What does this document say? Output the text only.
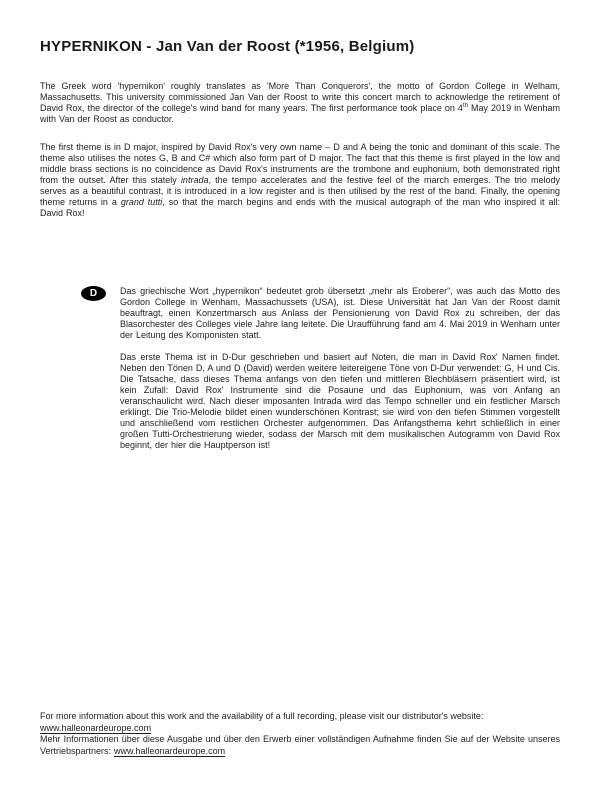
HYPERNIKON - Jan Van der Roost (*1956, Belgium)

The Greek word 'hypernikon' roughly translates as 'More Than Conquerors', the motto of Gordon College in Welham, Massachusetts. This university commissioned Jan Van der Roost to write this concert march to acknowledge the retirement of David Rox, the director of the college's wind band for many years. The first performance took place on 4th May 2019 in Wenham with Van der Roost as conductor.

The first theme is in D major, inspired by David Rox's very own name – D and A being the tonic and dominant of this scale. The theme also utilises the notes G, B and C# which also form part of D major. The fact that this theme is first played in the low and middle brass sections is no coincidence as David Rox's instruments are the trombone and euphonium, both demonstrated right from the outset. After this stately intrada, the tempo accelerates and the festive feel of the march emerges. The trio melody serves as a beautiful contrast, it is introduced in a low register and is then utilised by the rest of the band. Finally, the opening theme returns in a grand tutti, so that the march begins and ends with the musical autograph of the man who inspired it all: David Rox!

D	Das griechische Wort „hypernikon“ bedeutet grob übersetzt „mehr als Eroberer“, was auch das Motto des Gordon College in Wenham, Massachussets (USA), ist. Diese Universität hat Jan Van der Roost damit beauftragt, einen Konzertmarsch aus Anlass der Pensionierung von David Rox zu schreiben, der das Blasorchester des Colleges viele Jahre lang leitete. Die Uraufführung fand am 4. Mai 2019 in Wenham unter der Leitung des Komponisten statt.

Das erste Thema ist in D-Dur geschrieben und basiert auf Noten, die man in David Rox' Namen findet. Neben den Tönen D, A und D (David) werden weitere leitereigene Töne von D-Dur verwendet: G, H und Cis. Die Tatsache, dass dieses Thema anfangs von den tiefen und mittleren Blechbläsern präsentiert wird, ist kein Zufall: David Rox' Instrumente sind die Posaune und das Euphonium, was von Anfang an veranschaulicht wird. Nach dieser imposanten Intrada wird das Tempo schneller und ein festlicher Marsch erklingt. Die Trio-Melodie bildet einen wunderschönen Kontrast; sie wird von den tiefen Stimmen vorgestellt und anschließend vom restlichen Orchester aufgenommen. Das Anfangsthema kehrt schließlich in einer großen Tutti-Orchestrierung wieder, sodass der Marsch mit dem musikalischen Autogramm von David Rox beginnt, der hier die Hauptperson ist!

For more information about this work and the availability of a full recording, please visit our distributor's website:
www.halleonardeurope.com

Mehr Informationen über diese Ausgabe und über den Erwerb einer vollständigen Aufnahme finden Sie auf der Website unseres Vertriebspartners: www.halleonardeurope.com
